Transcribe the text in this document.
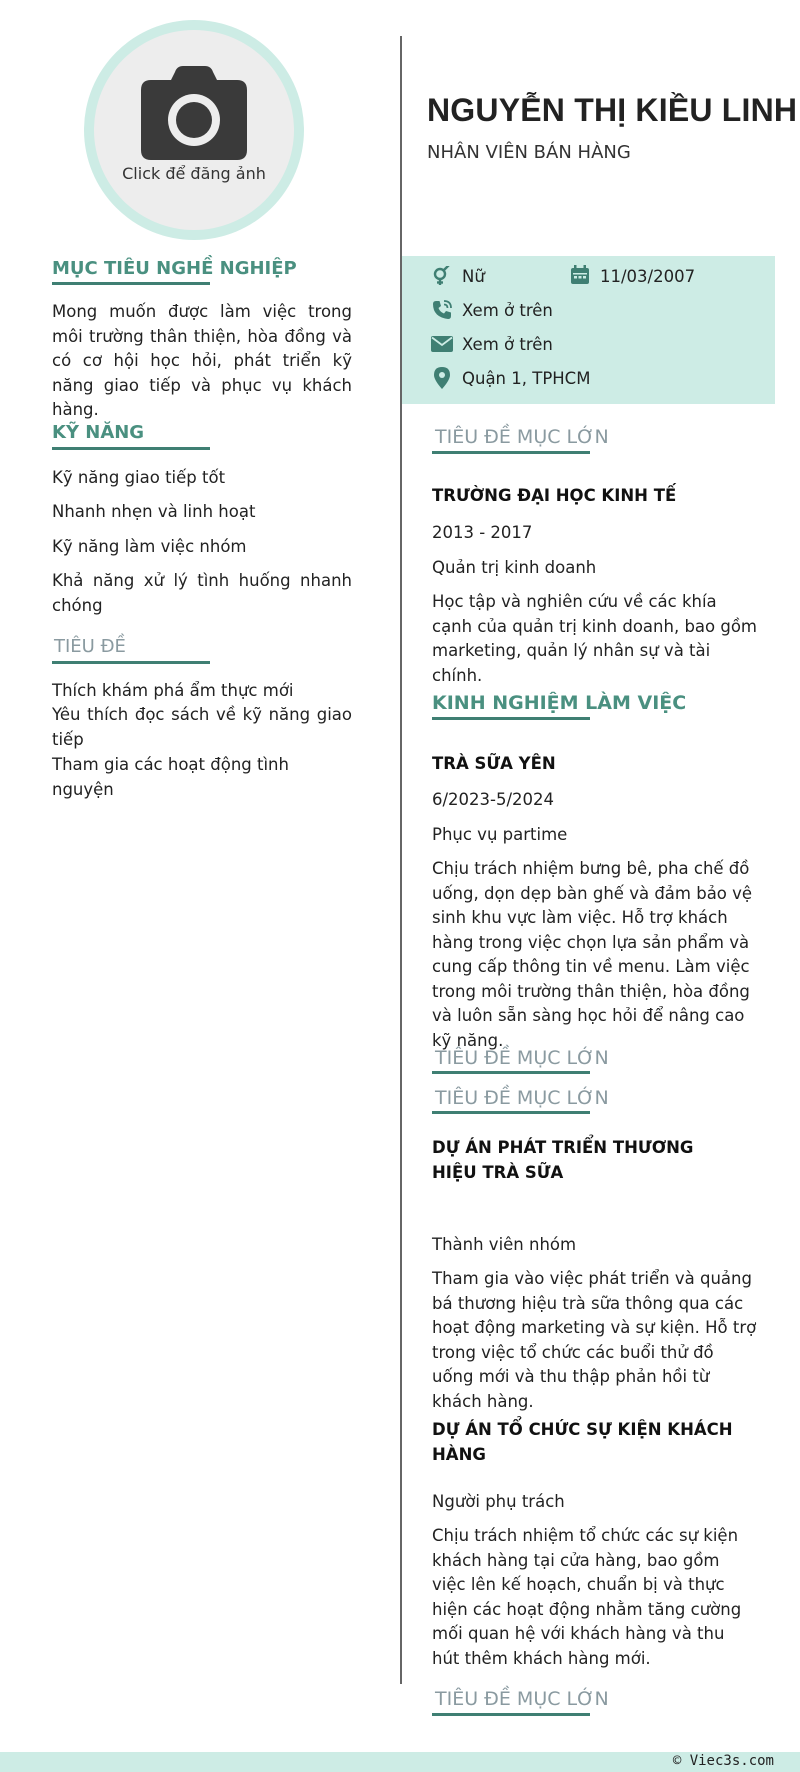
Click để đăng ảnh
MỤC TIÊU NGHỀ NGHIỆP
Mong muốn được làm việc trong môi trường thân thiện, hòa đồng và có cơ hội học hỏi, phát triển kỹ năng giao tiếp và phục vụ khách hàng.
KỸ NĂNG
Kỹ năng giao tiếp tốt
Nhanh nhẹn và linh hoạt
Kỹ năng làm việc nhóm
Khả năng xử lý tình huống nhanh chóng
TIÊU ĐỀ
Thích khám phá ẩm thực mới
Yêu thích đọc sách về kỹ năng giao tiếp
Tham gia các hoạt động tình nguyện
NGUYỄN THỊ KIỀU LINH
NHÂN VIÊN BÁN HÀNG
Nữ	11/03/2007
Xem ở trên
Xem ở trên
Quận 1, TPHCM
TIÊU ĐỀ MỤC LỚN
TRƯỜNG ĐẠI HỌC KINH TẾ
2013 - 2017
Quản trị kinh doanh
Học tập và nghiên cứu về các khía cạnh của quản trị kinh doanh, bao gồm marketing, quản lý nhân sự và tài chính.
KINH NGHIỆM LÀM VIỆC
TRÀ SỮA YÊN
6/2023-5/2024
Phục vụ partime
Chịu trách nhiệm bưng bê, pha chế đồ uống, dọn dẹp bàn ghế và đảm bảo vệ sinh khu vực làm việc. Hỗ trợ khách hàng trong việc chọn lựa sản phẩm và cung cấp thông tin về menu. Làm việc trong môi trường thân thiện, hòa đồng và luôn sẵn sàng học hỏi để nâng cao kỹ năng.
TIÊU ĐỀ MỤC LỚN
TIÊU ĐỀ MỤC LỚN
DỰ ÁN PHÁT TRIỂN THƯƠNG HIỆU TRÀ SỮA
Thành viên nhóm
Tham gia vào việc phát triển và quảng bá thương hiệu trà sữa thông qua các hoạt động marketing và sự kiện. Hỗ trợ trong việc tổ chức các buổi thử đồ uống mới và thu thập phản hồi từ khách hàng.
DỰ ÁN TỔ CHỨC SỰ KIỆN KHÁCH HÀNG
Người phụ trách
Chịu trách nhiệm tổ chức các sự kiện khách hàng tại cửa hàng, bao gồm việc lên kế hoạch, chuẩn bị và thực hiện các hoạt động nhằm tăng cường mối quan hệ với khách hàng và thu hút thêm khách hàng mới.
TIÊU ĐỀ MỤC LỚN
© Viec3s.com
